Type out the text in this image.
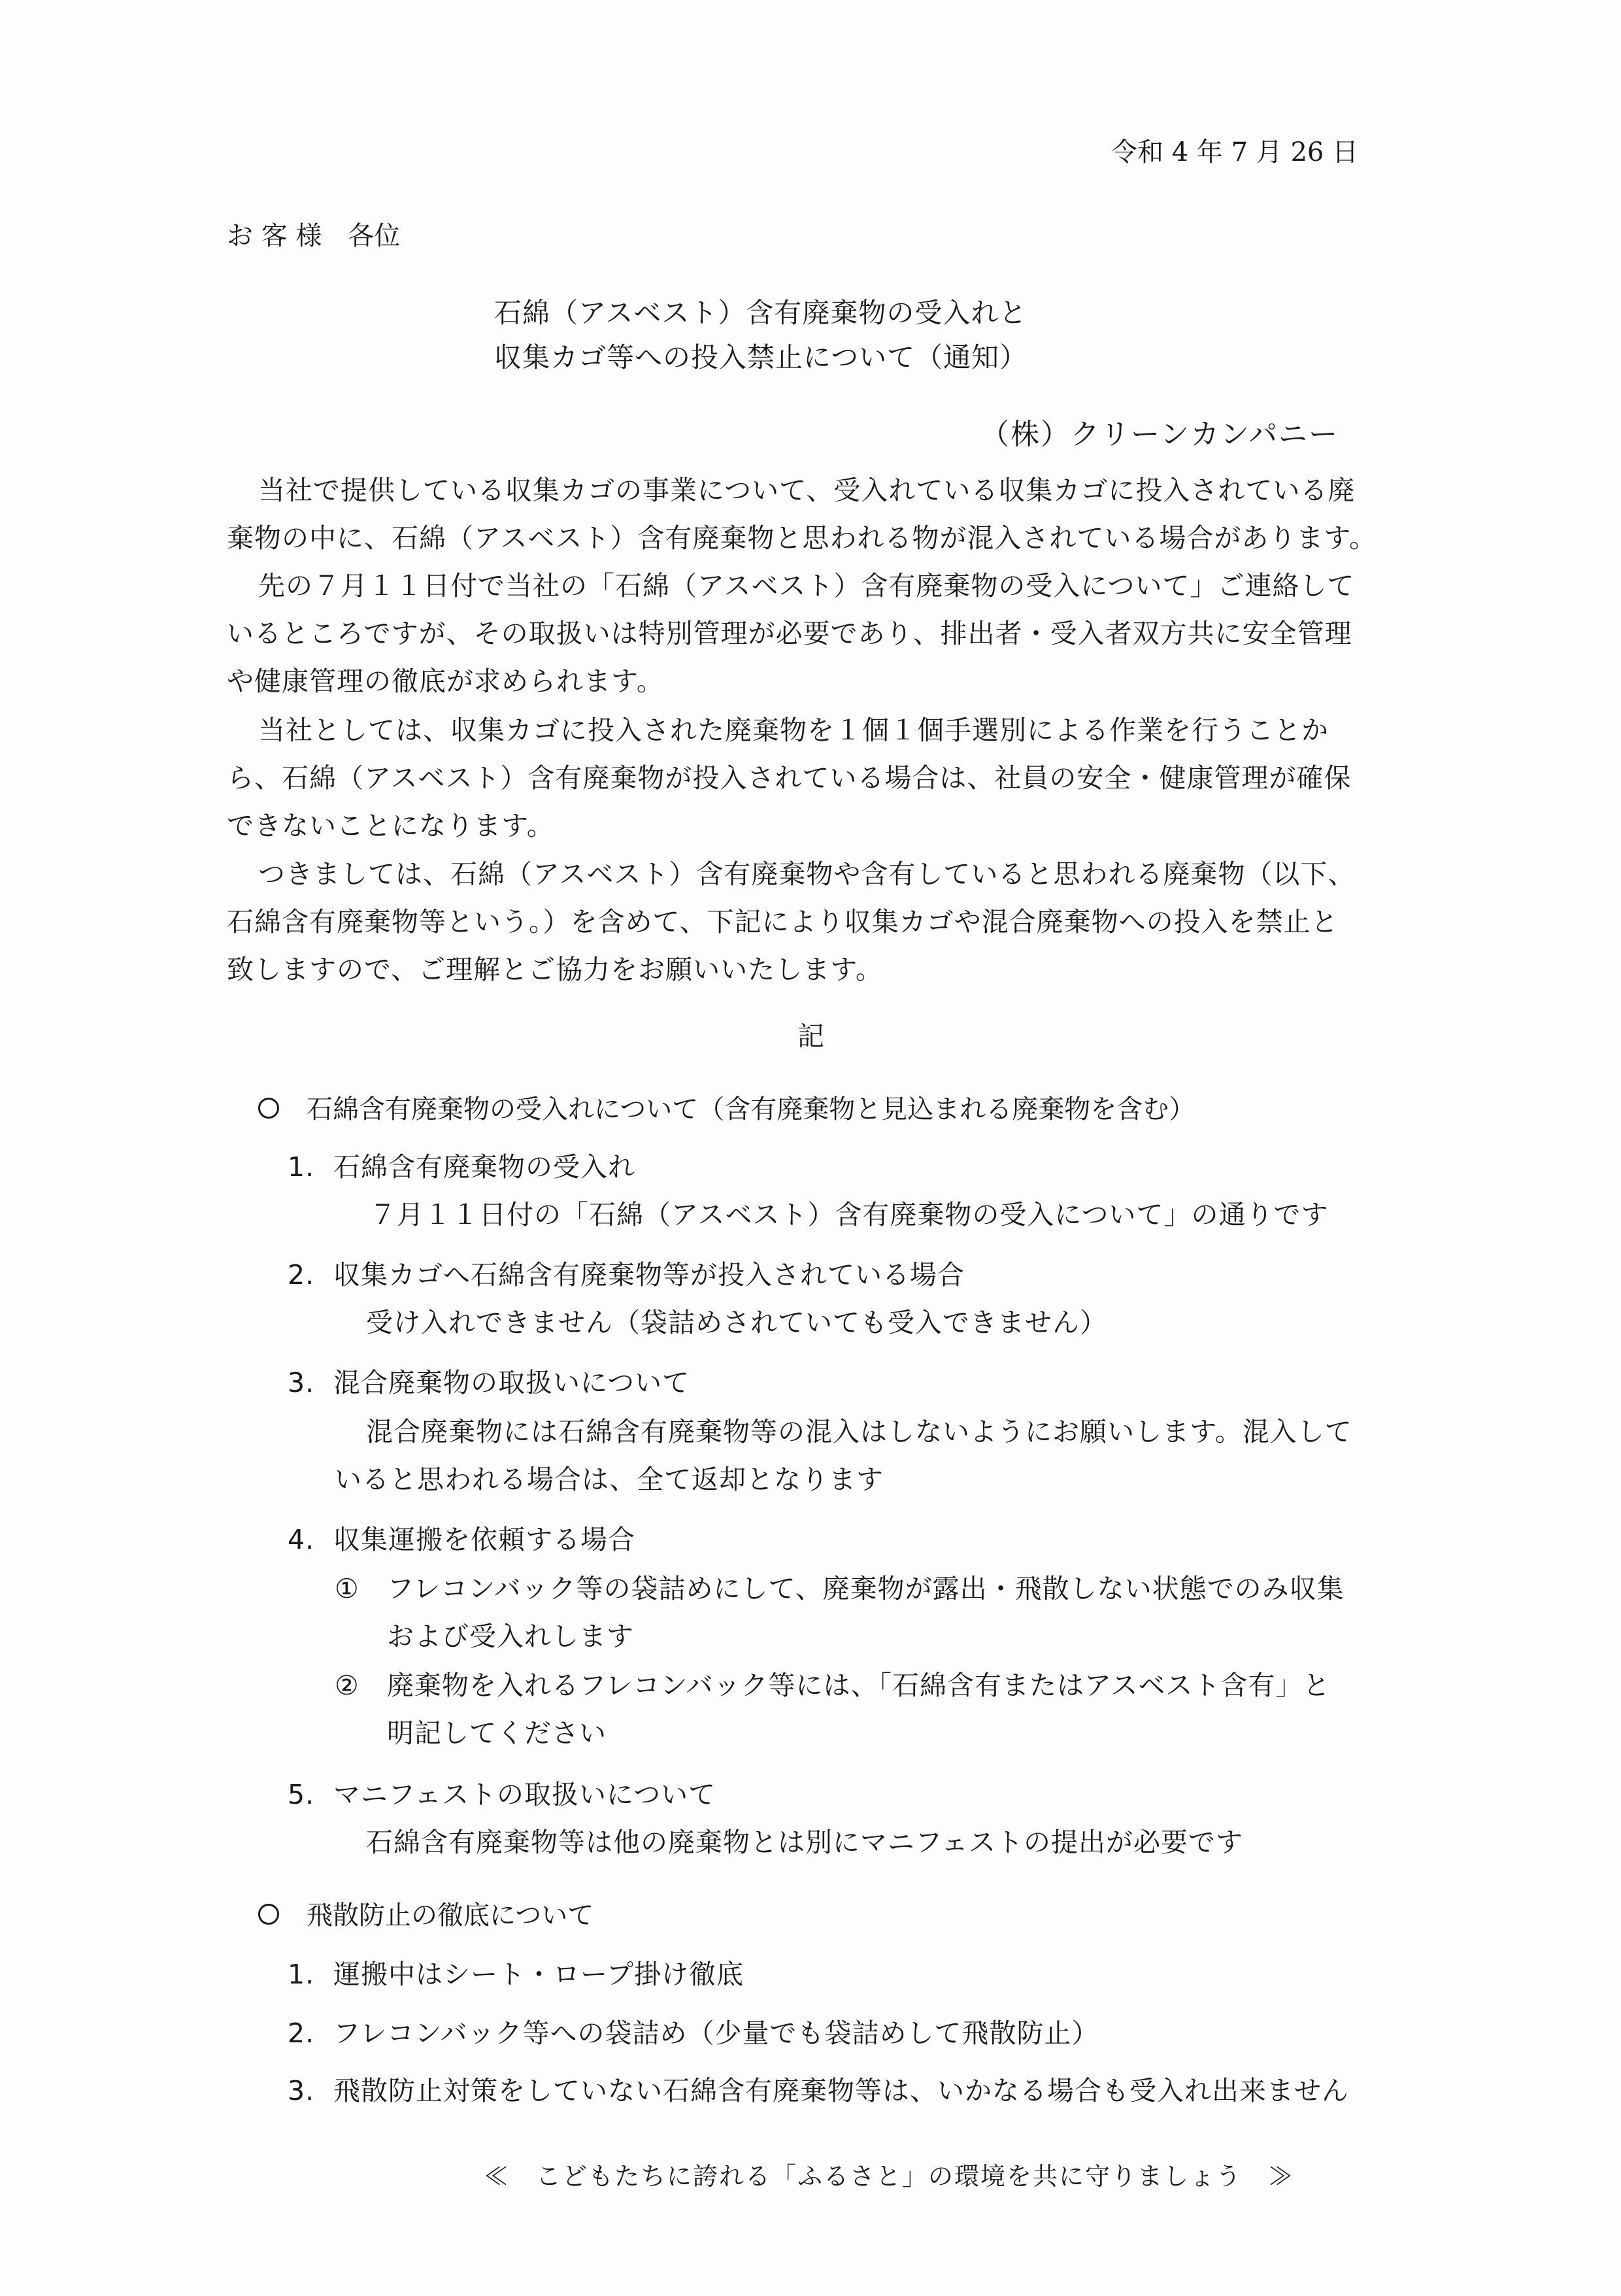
令和 4 年 7 月 26 日
お 客 様　各位
石綿（アスベスト）含有廃棄物の受入れと
収集カゴ等への投入禁止について（通知）
（株）クリーンカンパニー
当社で提供している収集カゴの事業について、受入れている収集カゴに投入されている廃
棄物の中に、石綿（アスベスト）含有廃棄物と思われる物が混入されている場合があります。
先の７月１１日付で当社の「石綿（アスベスト）含有廃棄物の受入について」ご連絡して
いるところですが、その取扱いは特別管理が必要であり、排出者・受入者双方共に安全管理
や健康管理の徹底が求められます。
当社としては、収集カゴに投入された廃棄物を１個１個手選別による作業を行うことか
ら、石綿（アスベスト）含有廃棄物が投入されている場合は、社員の安全・健康管理が確保
できないことになります。
つきましては、石綿（アスベスト）含有廃棄物や含有していると思われる廃棄物（以下、
石綿含有廃棄物等という。）を含めて、下記により収集カゴや混合廃棄物への投入を禁止と
致しますので、ご理解とご協力をお願いいたします。
記
石綿含有廃棄物の受入れについて（含有廃棄物と見込まれる廃棄物を含む）
1. 石綿含有廃棄物の受入れ
７月１１日付の「石綿（アスベスト）含有廃棄物の受入について」の通りです
2. 収集カゴへ石綿含有廃棄物等が投入されている場合
受け入れできません（袋詰めされていても受入できません）
3. 混合廃棄物の取扱いについて
混合廃棄物には石綿含有廃棄物等の混入はしないようにお願いします。混入して
いると思われる場合は、全て返却となります
4. 収集運搬を依頼する場合
① フレコンバック等の袋詰めにして、廃棄物が露出・飛散しない状態でのみ収集
および受入れします
② 廃棄物を入れるフレコンバック等には、「石綿含有またはアスベスト含有」と
明記してください
5. マニフェストの取扱いについて
石綿含有廃棄物等は他の廃棄物とは別にマニフェストの提出が必要です
飛散防止の徹底について
1. 運搬中はシート・ロープ掛け徹底
2. フレコンバック等への袋詰め（少量でも袋詰めして飛散防止）
3. 飛散防止対策をしていない石綿含有廃棄物等は、いかなる場合も受入れ出来ません
≪　こどもたちに誇れる「ふるさと」の環境を共に守りましょう　≫
